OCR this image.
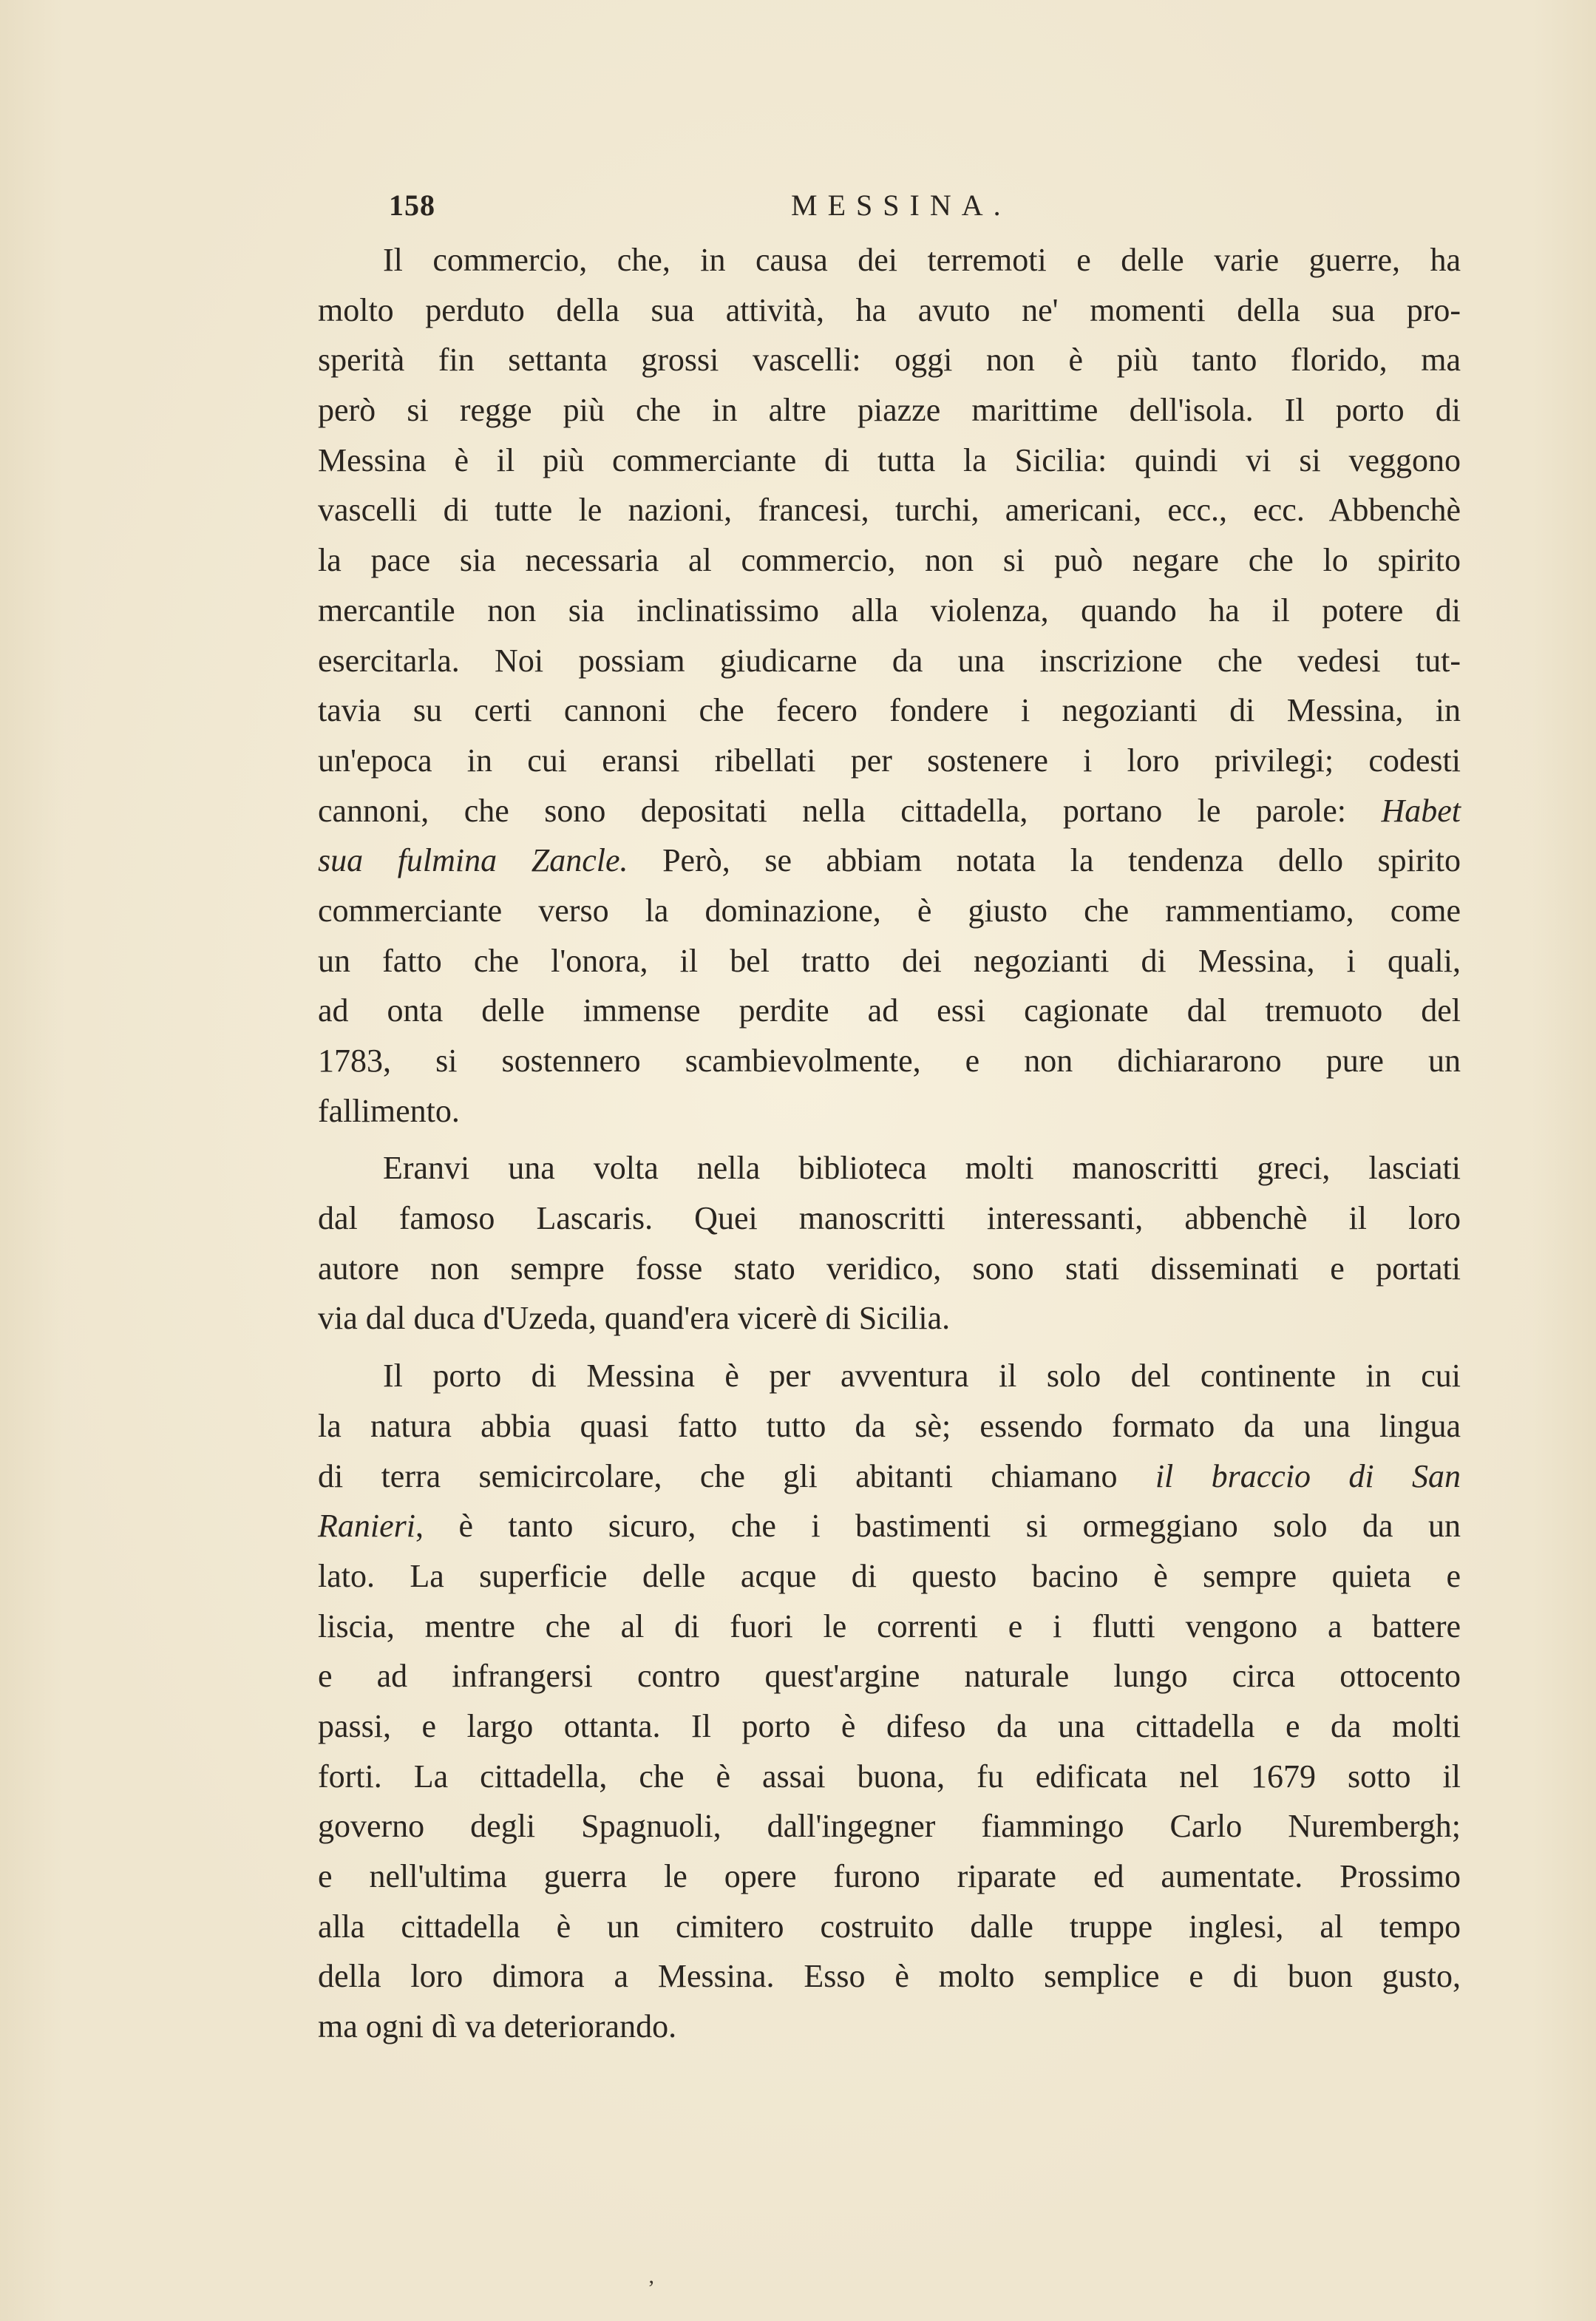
158	MESSINA.
Il commercio, che, in causa dei terremoti e delle varie guerre, ha
molto perduto della sua attività, ha avuto ne' momenti della sua pro-
sperità fin settanta grossi vascelli: oggi non è più tanto florido, ma
però si regge più che in altre piazze marittime dell'isola. Il porto di
Messina è il più commerciante di tutta la Sicilia: quindi vi si veggono
vascelli di tutte le nazioni, francesi, turchi, americani, ecc., ecc. Abbenchè
la pace sia necessaria al commercio, non si può negare che lo spirito
mercantile non sia inclinatissimo alla violenza, quando ha il potere di
esercitarla. Noi possiam giudicarne da una inscrizione che vedesi tut-
tavia su certi cannoni che fecero fondere i negozianti di Messina, in
un'epoca in cui eransi ribellati per sostenere i loro privilegi; codesti
cannoni, che sono depositati nella cittadella, portano le parole: Habet
sua fulmina Zancle. Però, se abbiam notata la tendenza dello spirito
commerciante verso la dominazione, è giusto che rammentiamo, come
un fatto che l'onora, il bel tratto dei negozianti di Messina, i quali,
ad onta delle immense perdite ad essi cagionate dal tremuoto del
1783, si sostennero scambievolmente, e non dichiararono pure un
fallimento.
Eranvi una volta nella biblioteca molti manoscritti greci, lasciati
dal famoso Lascaris. Quei manoscritti interessanti, abbenchè il loro
autore non sempre fosse stato veridico, sono stati disseminati e portati
via dal duca d'Uzeda, quand'era vicerè di Sicilia.
Il porto di Messina è per avventura il solo del continente in cui
la natura abbia quasi fatto tutto da sè; essendo formato da una lingua
di terra semicircolare, che gli abitanti chiamano il braccio di San
Ranieri, è tanto sicuro, che i bastimenti si ormeggiano solo da un
lato. La superficie delle acque di questo bacino è sempre quieta e
liscia, mentre che al di fuori le correnti e i flutti vengono a battere
e ad infrangersi contro quest'argine naturale lungo circa ottocento
passi, e largo ottanta. Il porto è difeso da una cittadella e da molti
forti. La cittadella, che è assai buona, fu edificata nel 1679 sotto il
governo degli Spagnuoli, dall'ingegner fiammingo Carlo Nurembergh;
e nell'ultima guerra le opere furono riparate ed aumentate. Prossimo
alla cittadella è un cimitero costruito dalle truppe inglesi, al tempo
della loro dimora a Messina. Esso è molto semplice e di buon gusto,
ma ogni dì va deteriorando.
’
